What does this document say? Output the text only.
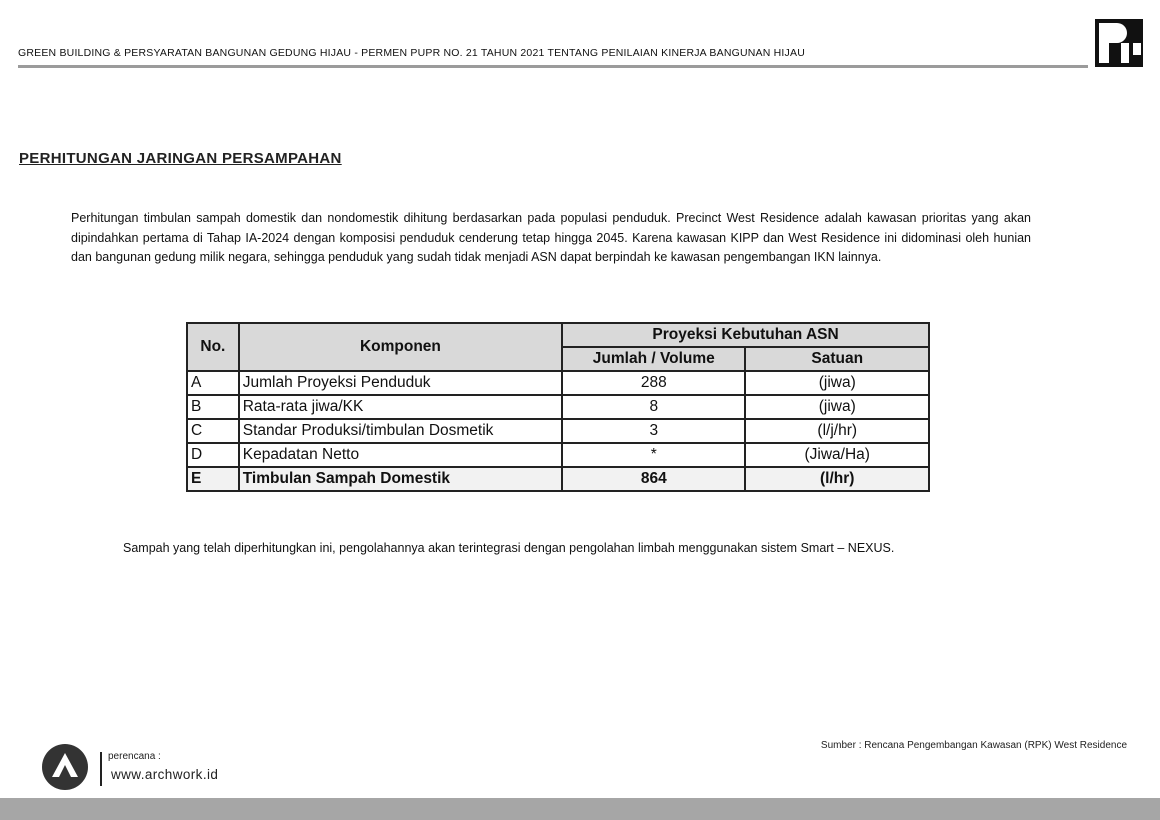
GREEN BUILDING & PERSYARATAN BANGUNAN GEDUNG HIJAU - PERMEN PUPR NO. 21 TAHUN 2021 TENTANG PENILAIAN KINERJA BANGUNAN HIJAU
PERHITUNGAN JARINGAN PERSAMPAHAN

Perhitungan timbulan sampah domestik dan nondomestik dihitung berdasarkan pada populasi penduduk. Precinct West Residence adalah kawasan prioritas yang akan dipindahkan pertama di Tahap IA-2024 dengan komposisi penduduk cenderung tetap hingga 2045. Karena kawasan KIPP dan West Residence ini didominasi oleh hunian dan bangunan gedung milik negara, sehingga penduduk yang sudah tidak menjadi ASN dapat berpindah ke kawasan pengembangan IKN lainnya.

No.	Komponen	Proyeksi Kebutuhan ASN	
		Jumlah / Volume	Satuan
A	Jumlah Proyeksi Penduduk	288	(jiwa)
B	Rata-rata jiwa/KK	8	(jiwa)
C	Standar Produksi/timbulan Dosmetik	3	(l/j/hr)
D	Kepadatan Netto	*	(Jiwa/Ha)
E	Timbulan Sampah Domestik	864	(l/hr)
Sampah yang telah diperhitungkan ini, pengolahannya akan terintegrasi dengan pengolahan limbah menggunakan sistem Smart – NEXUS.
perencana :
www.archwork.id
Sumber : Rencana Pengembangan Kawasan (RPK) West Residence
